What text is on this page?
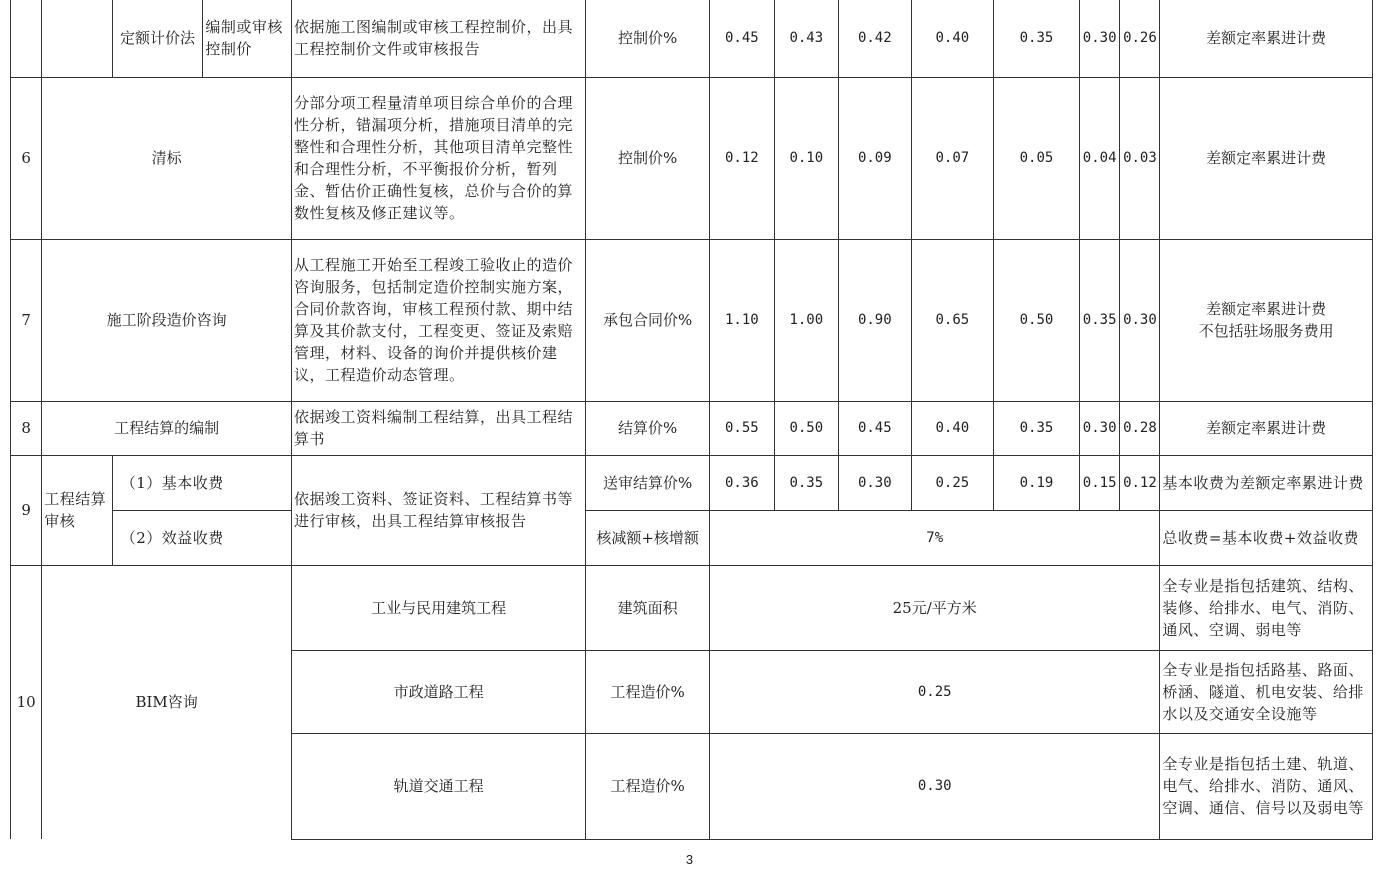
		定额计价法	编制或审核控制价	依据施工图编制或审核工程控制价，出具工程控制价文件或审核报告	控制价%	0.45	0.43	0.42	0.40	0.35	0.30	0.26	差额定率累进计费
6	清标			分部分项工程量清单项目综合单价的合理性分析，错漏项分析，措施项目清单的完整性和合理性分析，其他项目清单完整性和合理性分析，不平衡报价分析，暂列金、暂估价正确性复核，总价与合价的算数性复核及修正建议等。	控制价%	0.12	0.10	0.09	0.07	0.05	0.04	0.03	差额定率累进计费
7	施工阶段造价咨询			从工程施工开始至工程竣工验收止的造价咨询服务，包括制定造价控制实施方案，合同价款咨询，审核工程预付款、期中结算及其价款支付，工程变更、签证及索赔管理，材料、设备的询价并提供核价建议，工程造价动态管理。	承包合同价%	1.10	1.00	0.90	0.65	0.50	0.35	0.30	差额定率累进计费
不包括驻场服务费用

8	工程结算的编制			依据竣工资料编制工程结算，出具工程结算书	结算价%	0.55	0.50	0.45	0.40	0.35	0.30	0.28	差额定率累进计费
9	工程结算审核	（1）基本收费		依据竣工资料、签证资料、工程结算书等进行审核，出具工程结算审核报告	送审结算价%	0.36	0.35	0.30	0.25	0.19	0.15	0.12	基本收费为差额定率累进计费
		（2）效益收费			核减额+核增额	7%							总收费=基本收费+效益收费
10	BIM咨询			工业与民用建筑工程	建筑面积	25元/平方米							全专业是指包括建筑、结构、装修、给排水、电气、消防、通风、空调、弱电等
				市政道路工程	工程造价%	0.25							全专业是指包括路基、路面、桥涵、隧道、机电安装、给排水以及交通安全设施等
				轨道交通工程	工程造价%	0.30							全专业是指包括土建、轨道、电气、给排水、消防、通风、空调、通信、信号以及弱电等
3
